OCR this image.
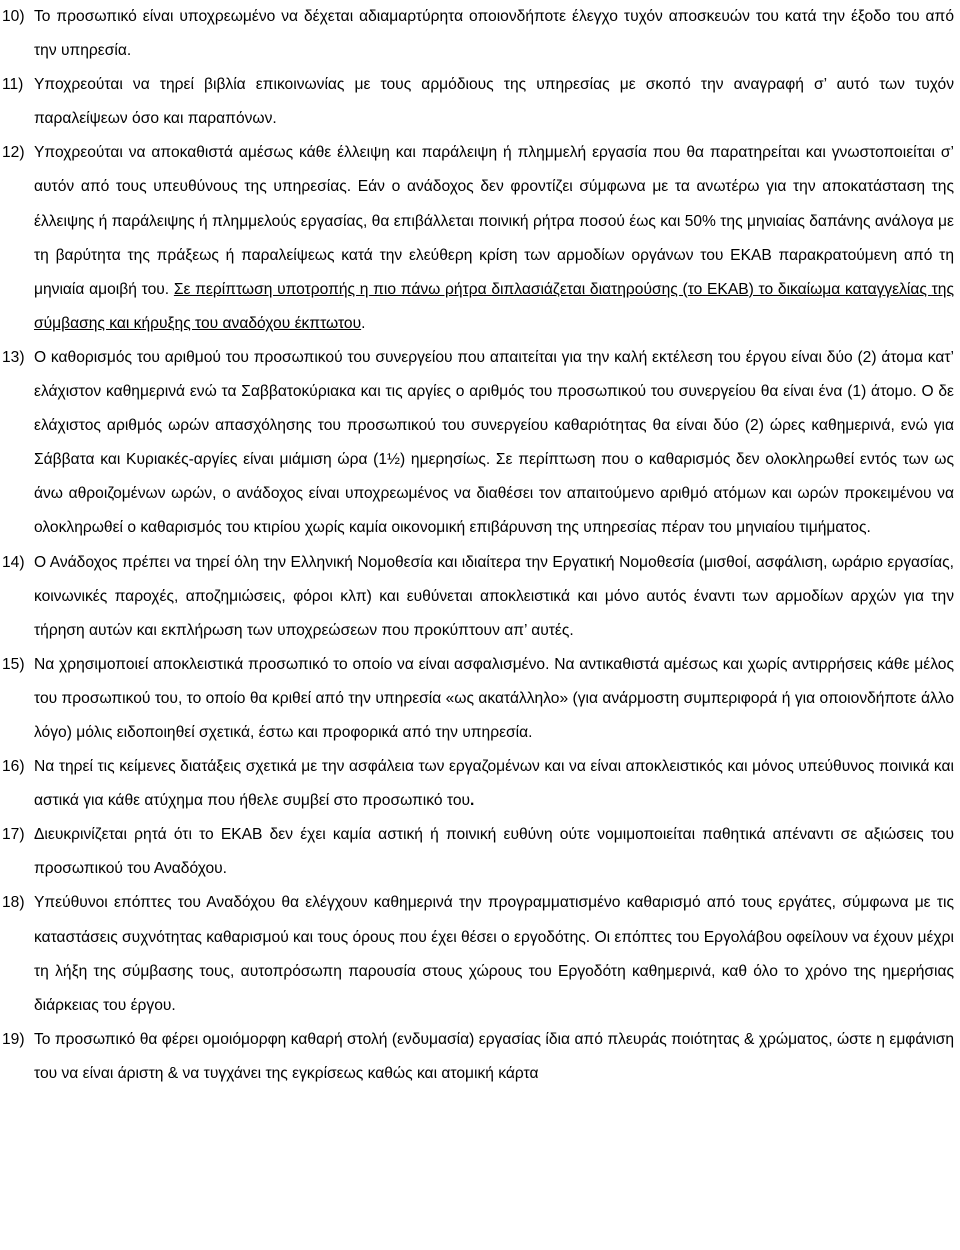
10) Το προσωπικό είναι υποχρεωμένο να δέχεται αδιαμαρτύρητα οποιονδήποτε έλεγχο τυχόν αποσκευών του κατά την έξοδο του από την υπηρεσία.
11) Υποχρεούται να τηρεί βιβλία επικοινωνίας με τους αρμόδιους της υπηρεσίας με σκοπό την αναγραφή σ’ αυτό των τυχόν παραλείψεων όσο και παραπόνων.
12) Υποχρεούται να αποκαθιστά αμέσως κάθε έλλειψη και παράλειψη ή πλημμελή εργασία που θα παρατηρείται και γνωστοποιείται σ’ αυτόν από τους υπευθύνους της υπηρεσίας. Εάν ο ανάδοχος δεν φροντίζει σύμφωνα με τα ανωτέρω για την αποκατάσταση της έλλειψης ή παράλειψης ή πλημμελούς εργασίας, θα επιβάλλεται ποινική ρήτρα ποσού έως και 50% της μηνιαίας δαπάνης ανάλογα με τη βαρύτητα της πράξεως ή παραλείψεως κατά την ελεύθερη κρίση των αρμοδίων οργάνων του ΕΚΑΒ παρακρατούμενη από τη μηνιαία αμοιβή του. Σε περίπτωση υποτροπής η πιο πάνω ρήτρα διπλασιάζεται διατηρούσης (το ΕΚΑΒ) το δικαίωμα καταγγελίας της σύμβασης και κήρυξης του αναδόχου έκπτωτου.
13) Ο καθορισμός του αριθμού του προσωπικού του συνεργείου που απαιτείται για την καλή εκτέλεση του έργου είναι δύο (2) άτομα κατ’ ελάχιστον καθημερινά ενώ τα Σαββατοκύριακα και τις αργίες ο αριθμός του προσωπικού του συνεργείου θα είναι ένα (1) άτομο. Ο δε ελάχιστος αριθμός ωρών απασχόλησης του προσωπικού του συνεργείου καθαριότητας θα είναι δύο (2) ώρες καθημερινά, ενώ για Σάββατα και Κυριακές-αργίες είναι μιάμιση ώρα (1½) ημερησίως. Σε περίπτωση που ο καθαρισμός δεν ολοκληρωθεί εντός των ως άνω αθροιζομένων ωρών, ο ανάδοχος είναι υποχρεωμένος να διαθέσει τον απαιτούμενο αριθμό ατόμων και ωρών προκειμένου να ολοκληρωθεί ο καθαρισμός του κτιρίου χωρίς καμία οικονομική επιβάρυνση της υπηρεσίας πέραν του μηνιαίου τιμήματος.
14) Ο Ανάδοχος πρέπει να τηρεί όλη την Ελληνική Νομοθεσία και ιδιαίτερα την Εργατική Νομοθεσία (μισθοί, ασφάλιση, ωράριο εργασίας, κοινωνικές παροχές, αποζημιώσεις, φόροι κλπ) και ευθύνεται αποκλειστικά και μόνο αυτός έναντι των αρμοδίων αρχών για την τήρηση αυτών και εκπλήρωση των υποχρεώσεων που προκύπτουν απ’ αυτές.
15) Να χρησιμοποιεί αποκλειστικά προσωπικό το οποίο να είναι ασφαλισμένο. Να αντικαθιστά αμέσως και χωρίς αντιρρήσεις κάθε μέλος του προσωπικού του, το οποίο θα κριθεί από την υπηρεσία «ως ακατάλληλο» (για ανάρμοστη συμπεριφορά ή για οποιονδήποτε άλλο λόγο) μόλις ειδοποιηθεί σχετικά, έστω και προφορικά από την υπηρεσία.
16) Να τηρεί τις κείμενες διατάξεις σχετικά με την ασφάλεια των εργαζομένων και να είναι αποκλειστικός και μόνος υπεύθυνος ποινικά και αστικά για κάθε ατύχημα που ήθελε συμβεί στο προσωπικό του.
17) Διευκρινίζεται ρητά ότι το ΕΚΑΒ δεν έχει καμία αστική ή ποινική ευθύνη ούτε νομιμοποιείται παθητικά απέναντι σε αξιώσεις του προσωπικού του Αναδόχου.
18) Υπεύθυνοι επόπτες του Αναδόχου θα ελέγχουν καθημερινά την προγραμματισμένο καθαρισμό από τους εργάτες, σύμφωνα με τις καταστάσεις συχνότητας καθαρισμού και τους όρους που έχει θέσει ο εργοδότης. Οι επόπτες του Εργολάβου οφείλουν να έχουν μέχρι τη λήξη της σύμβασης τους, αυτοπρόσωπη παρουσία στους χώρους του Εργοδότη καθημερινά, καθ όλο το χρόνο της ημερήσιας διάρκειας του έργου.
19) Το προσωπικό θα φέρει ομοιόμορφη καθαρή στολή (ενδυμασία) εργασίας ίδια από πλευράς ποιότητας & χρώματος, ώστε η εμφάνιση του να είναι άριστη & να τυγχάνει της εγκρίσεως καθώς και ατομική κάρτα
